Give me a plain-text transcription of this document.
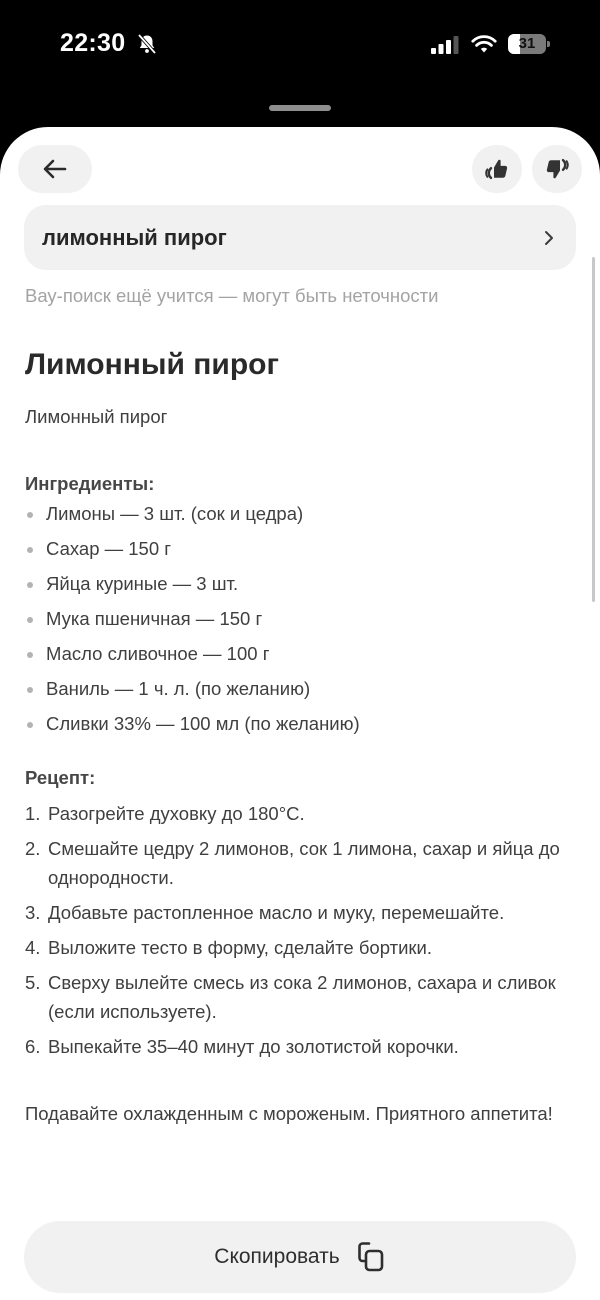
22:30	31
лимонный пирог
Вау-поиск ещё учится — могут быть неточности
Лимонный пирог

Лимонный пирог

Ингредиенты:
Лимоны — 3 шт. (сок и цедра)
Сахар — 150 г
Яйца куриные — 3 шт.
Мука пшеничная — 150 г
Масло сливочное — 100 г
Ваниль — 1 ч. л. (по желанию)
Сливки 33% — 100 мл (по желанию)
Рецепт:
1. Разогрейте духовку до 180°C.
2. Смешайте цедру 2 лимонов, сок 1 лимона, сахар и яйца до однородности.
3. Добавьте растопленное масло и муку, перемешайте.
4. Выложите тесто в форму, сделайте бортики.
5. Сверху вылейте смесь из сока 2 лимонов, сахара и сливок (если используете).
6. Выпекайте 35–40 минут до золотистой корочки.

Подавайте охлажденным с мороженым. Приятного аппетита!

Скопировать
